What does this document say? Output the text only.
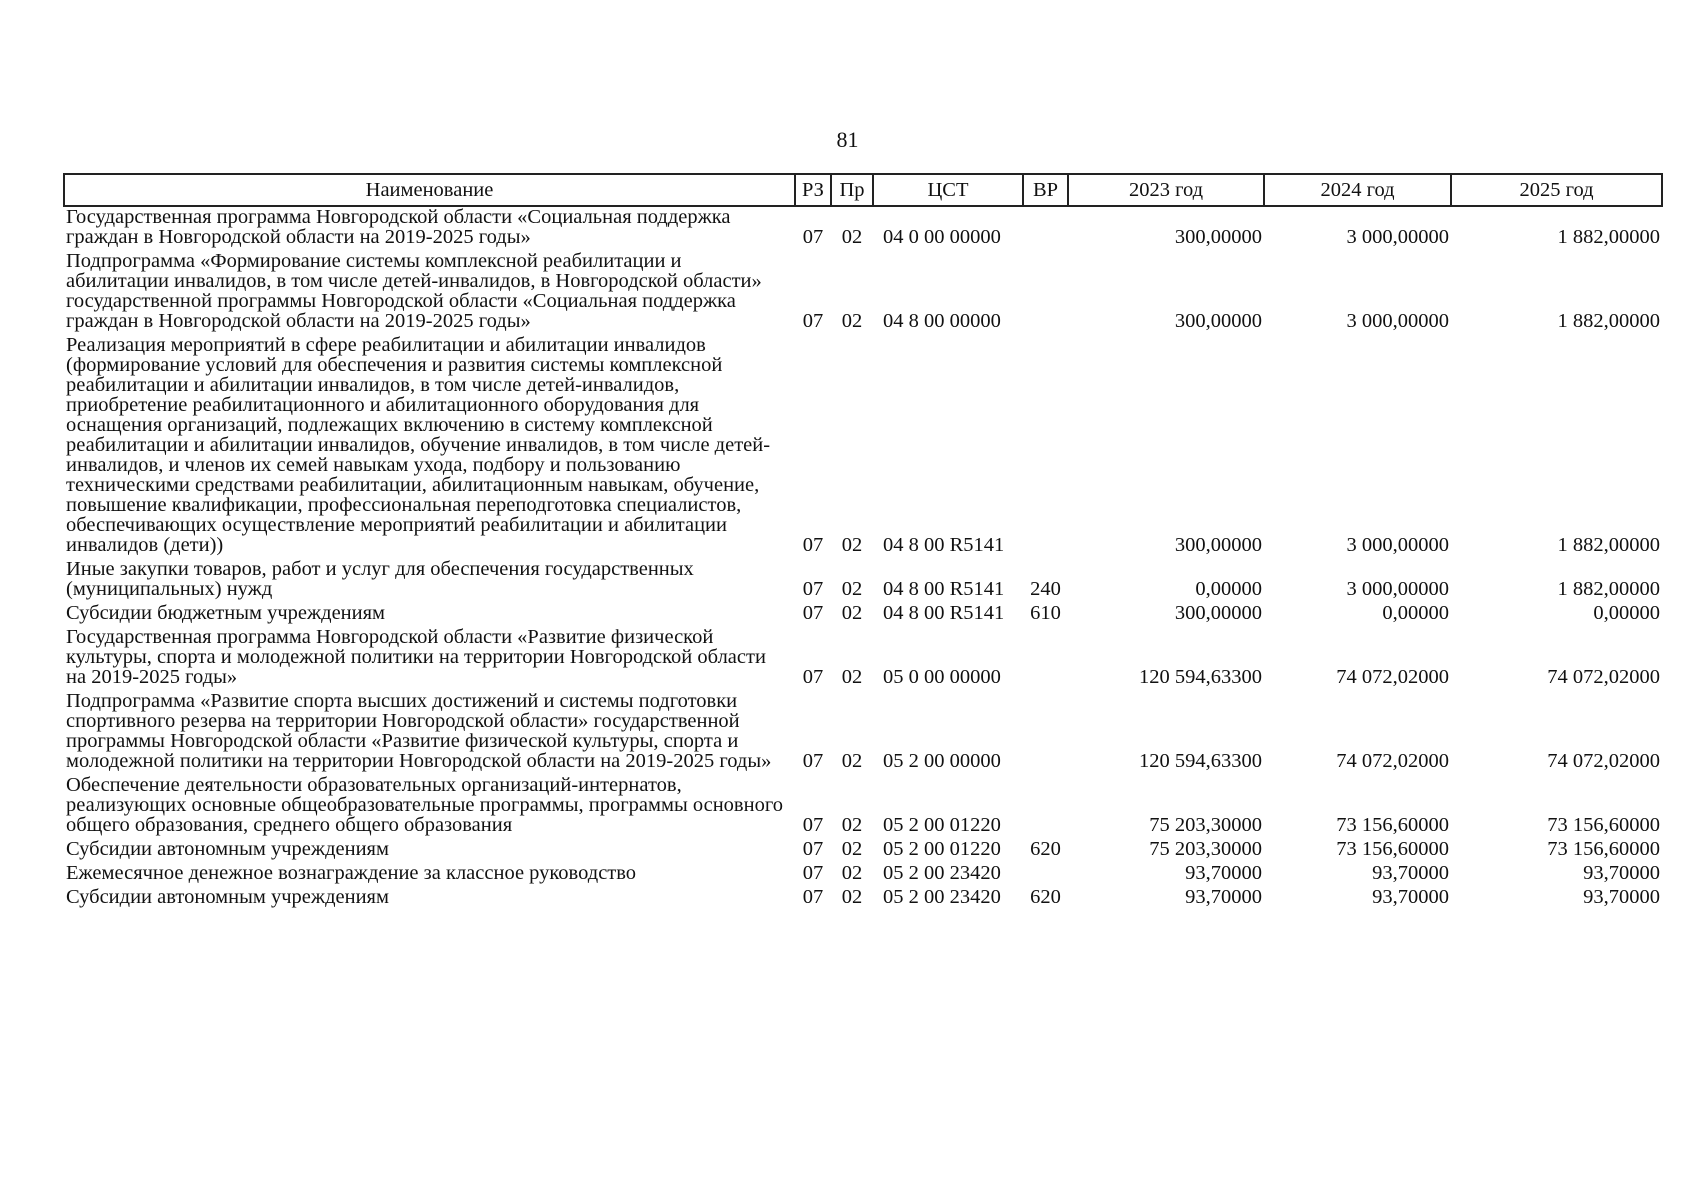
81
Наименование	РЗ	Пр	ЦСТ	ВР	2023 год	2024 год	2025 год
Государственная программа Новгородской области «Социальная поддержка граждан в Новгородской области на 2019-2025 годы»	07	02	04 0 00 00000		300,00000	3 000,00000	1 882,00000
Подпрограмма «Формирование системы комплексной реабилитации и абилитации инвалидов, в том числе детей-инвалидов, в Новгородской области» государственной программы Новгородской области «Социальная поддержка граждан в Новгородской области на 2019-2025 годы»	07	02	04 8 00 00000		300,00000	3 000,00000	1 882,00000
Реализация мероприятий в сфере реабилитации и абилитации инвалидов (формирование условий для обеспечения и развития системы комплексной реабилитации и абилитации инвалидов, в том числе детей-инвалидов, приобретение реабилитационного и абилитационного оборудования для оснащения организаций, подлежащих включению в систему комплексной реабилитации и абилитации инвалидов, обучение инвалидов, в том числе детей-инвалидов, и членов их семей навыкам ухода, подбору и пользованию техническими средствами реабилитации, абилитационным навыкам, обучение, повышение квалификации, профессиональная переподготовка специалистов, обеспечивающих осуществление мероприятий реабилитации и абилитации инвалидов (дети))	07	02	04 8 00 R5141		300,00000	3 000,00000	1 882,00000
Иные закупки товаров, работ и услуг для обеспечения государственных (муниципальных) нужд	07	02	04 8 00 R5141	240	0,00000	3 000,00000	1 882,00000
Субсидии бюджетным учреждениям	07	02	04 8 00 R5141	610	300,00000	0,00000	0,00000
Государственная программа Новгородской области «Развитие физической культуры, спорта и молодежной политики на территории Новгородской области на 2019-2025 годы»	07	02	05 0 00 00000		120 594,63300	74 072,02000	74 072,02000
Подпрограмма «Развитие спорта высших достижений и системы подготовки спортивного резерва на территории Новгородской области» государственной программы Новгородской области «Развитие физической культуры, спорта и молодежной политики на территории Новгородской области на 2019-2025 годы»	07	02	05 2 00 00000		120 594,63300	74 072,02000	74 072,02000
Обеспечение деятельности образовательных организаций-интернатов, реализующих основные общеобразовательные программы, программы основного общего образования, среднего общего образования	07	02	05 2 00 01220		75 203,30000	73 156,60000	73 156,60000
Субсидии автономным учреждениям	07	02	05 2 00 01220	620	75 203,30000	73 156,60000	73 156,60000
Ежемесячное денежное вознаграждение за классное руководство	07	02	05 2 00 23420		93,70000	93,70000	93,70000
Субсидии автономным учреждениям	07	02	05 2 00 23420	620	93,70000	93,70000	93,70000
